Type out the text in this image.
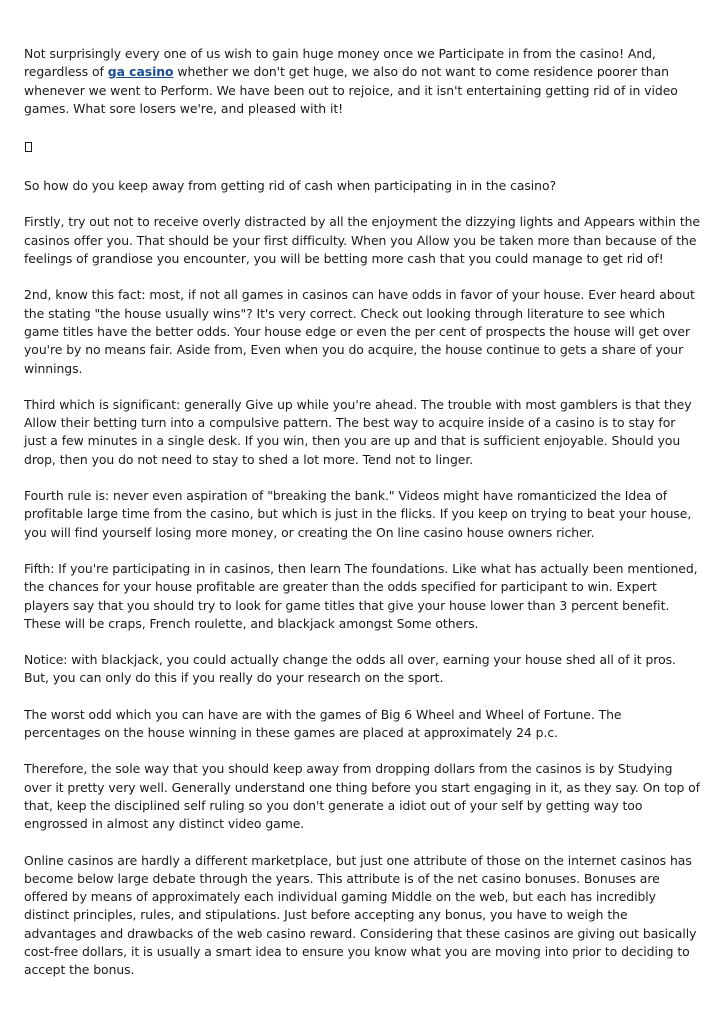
Not surprisingly every one of us wish to gain huge money once we Participate in from the casino! And, regardless of ga casino whether we don't get huge, we also do not want to come residence poorer than whenever we went to Perform. We have been out to rejoice, and it isn't entertaining getting rid of in video games. What sore losers we're, and pleased with it!

So how do you keep away from getting rid of cash when participating in in the casino?

Firstly, try out not to receive overly distracted by all the enjoyment the dizzying lights and Appears within the casinos offer you. That should be your first difficulty. When you Allow you be taken more than because of the feelings of grandiose you encounter, you will be betting more cash that you could manage to get rid of!

2nd, know this fact: most, if not all games in casinos can have odds in favor of your house. Ever heard about the stating "the house usually wins"? It's very correct. Check out looking through literature to see which game titles have the better odds. Your house edge or even the per cent of prospects the house will get over you're by no means fair. Aside from, Even when you do acquire, the house continue to gets a share of your winnings.

Third which is significant: generally Give up while you're ahead. The trouble with most gamblers is that they Allow their betting turn into a compulsive pattern. The best way to acquire inside of a casino is to stay for just a few minutes in a single desk. If you win, then you are up and that is sufficient enjoyable. Should you drop, then you do not need to stay to shed a lot more. Tend not to linger.

Fourth rule is: never even aspiration of "breaking the bank." Videos might have romanticized the Idea of profitable large time from the casino, but which is just in the flicks. If you keep on trying to beat your house, you will find yourself losing more money, or creating the On line casino house owners richer.

Fifth: If you're participating in in casinos, then learn The foundations. Like what has actually been mentioned, the chances for your house profitable are greater than the odds specified for participant to win. Expert players say that you should try to look for game titles that give your house lower than 3 percent benefit. These will be craps, French roulette, and blackjack amongst Some others.

Notice: with blackjack, you could actually change the odds all over, earning your house shed all of it pros. But, you can only do this if you really do your research on the sport.

The worst odd which you can have are with the games of Big 6 Wheel and Wheel of Fortune. The percentages on the house winning in these games are placed at approximately 24 p.c.

Therefore, the sole way that you should keep away from dropping dollars from the casinos is by Studying over it pretty very well. Generally understand one thing before you start engaging in it, as they say. On top of that, keep the disciplined self ruling so you don't generate a idiot out of your self by getting way too engrossed in almost any distinct video game.

Online casinos are hardly a different marketplace, but just one attribute of those on the internet casinos has become below large debate through the years. This attribute is of the net casino bonuses. Bonuses are offered by means of approximately each individual gaming Middle on the web, but each has incredibly distinct principles, rules, and stipulations. Just before accepting any bonus, you have to weigh the advantages and drawbacks of the web casino reward. Considering that these casinos are giving out basically cost-free dollars, it is usually a smart idea to ensure you know what you are moving into prior to deciding to accept the bonus.
